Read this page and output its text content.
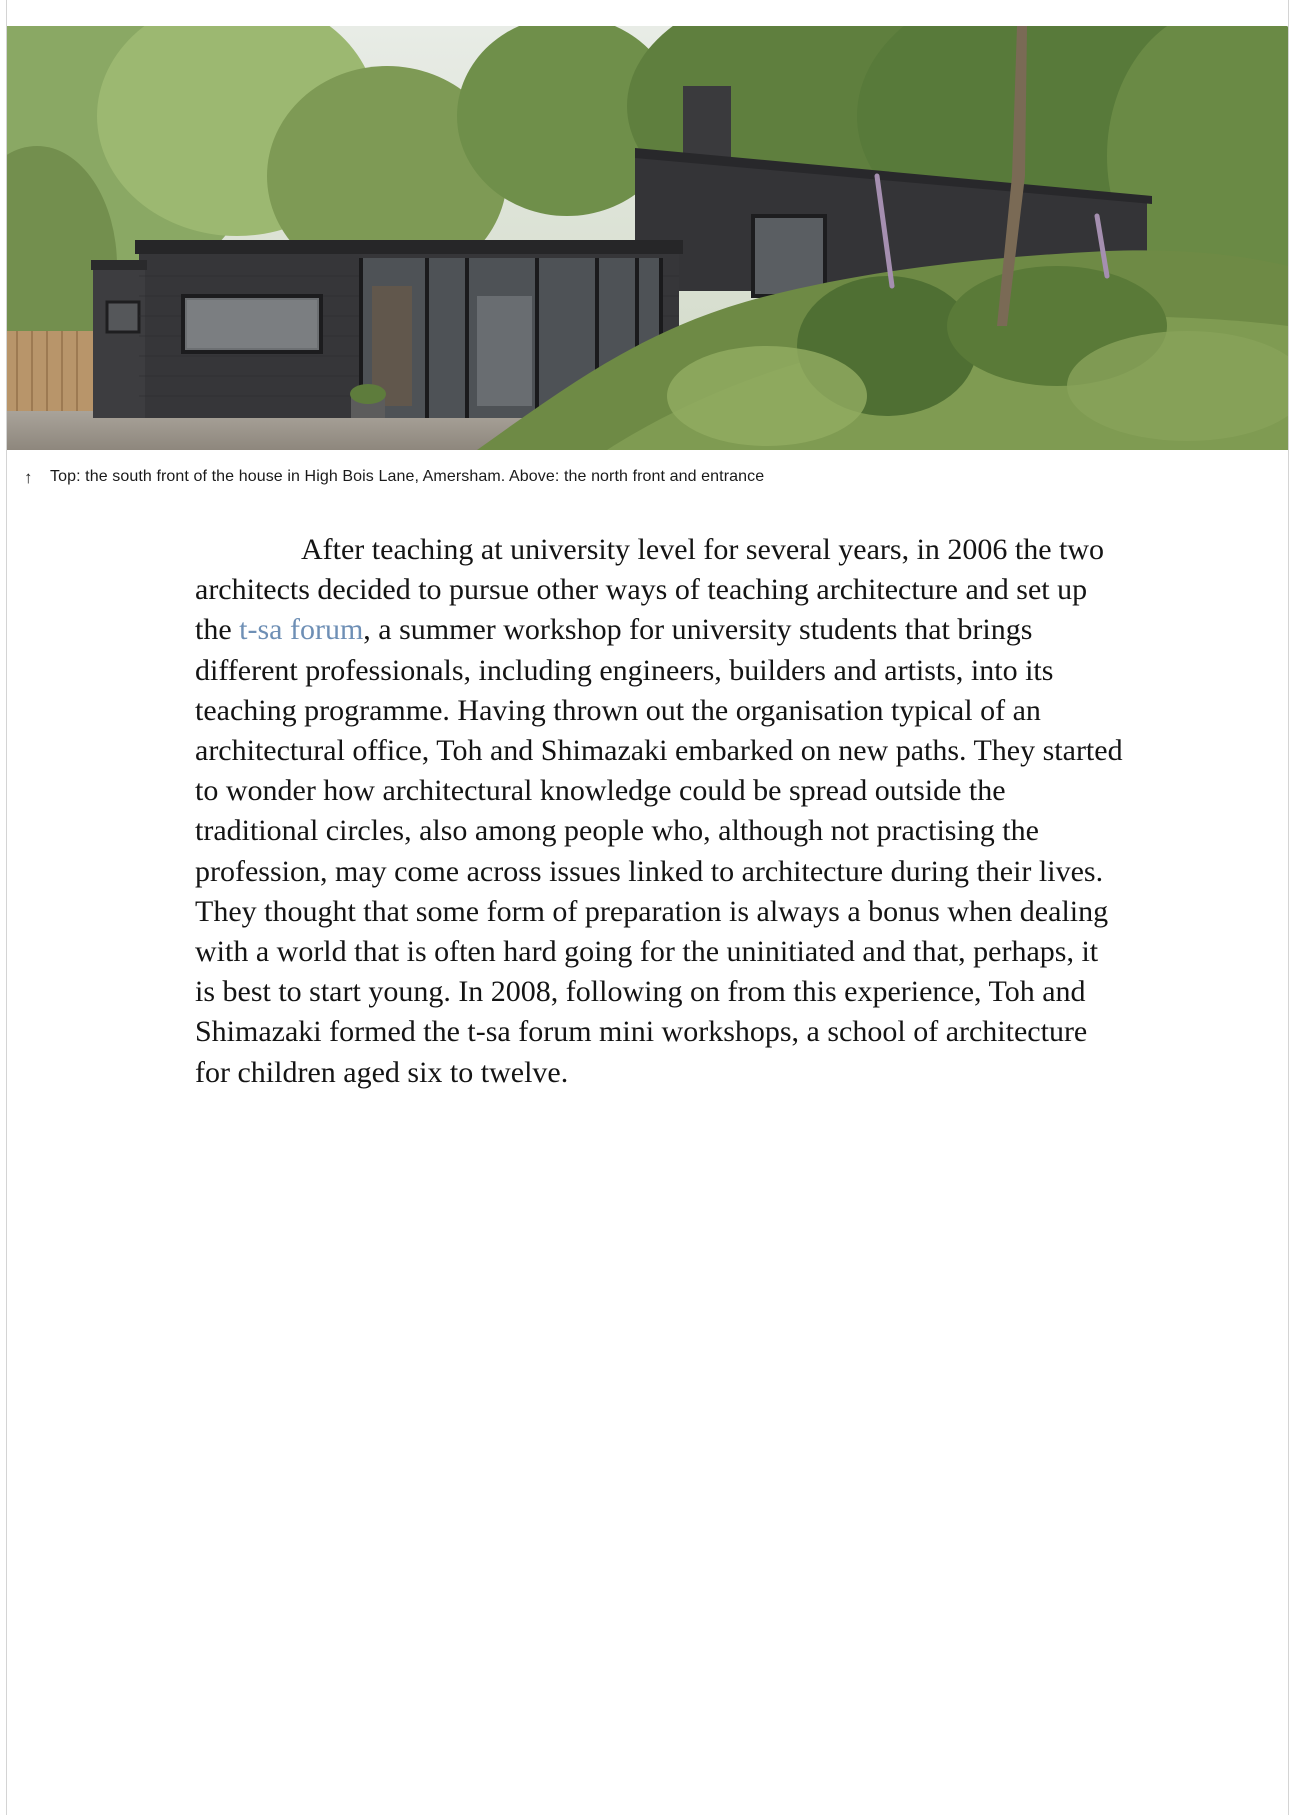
↑	Top: the south front of the house in High Bois Lane, Amersham. Above: the north front and entrance

After teaching at university level for several years, in 2006 the two architects decided to pursue other ways of teaching architecture and set up the t-sa forum, a summer workshop for university students that brings different professionals, including engineers, builders and artists, into its teaching programme. Having thrown out the organisation typical of an architectural office, Toh and Shimazaki embarked on new paths. They started to wonder how architectural knowledge could be spread outside the traditional circles, also among people who, although not practising the profession, may come across issues linked to architecture during their lives. They thought that some form of preparation is always a bonus when dealing with a world that is often hard going for the uninitiated and that, perhaps, it is best to start young. In 2008, following on from this experience, Toh and Shimazaki formed the t-sa forum mini workshops, a school of architecture for children aged six to twelve.
